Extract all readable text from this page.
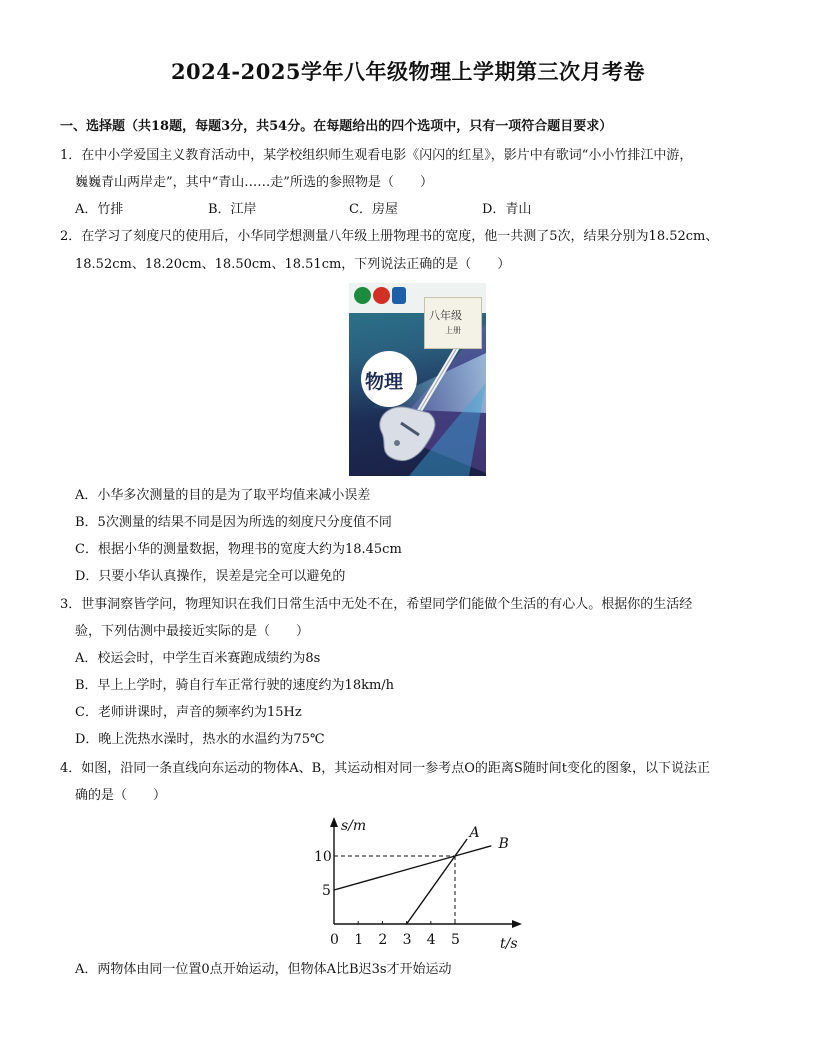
2024-2025学年八年级物理上学期第三次月考卷
一、选择题（共18题，每题3分，共54分。在每题给出的四个选项中，只有一项符合题目要求）
1．在中小学爱国主义教育活动中，某学校组织师生观看电影《闪闪的红星》，影片中有歌词“小小竹排江中游，
巍巍青山两岸走”，其中“青山……走”所选的参照物是（　　）
A．竹排	B．江岸	C．房屋	D．青山
2．在学习了刻度尺的使用后，小华同学想测量八年级上册物理书的宽度，他一共测了5次，结果分别为18.52cm、
18.52cm、18.20cm、18.50cm、18.51cm，下列说法正确的是（　　）
八年级
上册
物理
A．小华多次测量的目的是为了取平均值来减小误差
B．5次测量的结果不同是因为所选的刻度尺分度值不同
C．根据小华的测量数据，物理书的宽度大约为18.45cm
D．只要小华认真操作，误差是完全可以避免的
3．世事洞察皆学问，物理知识在我们日常生活中无处不在，希望同学们能做个生活的有心人。根据你的生活经
验，下列估测中最接近实际的是（　　）
A．校运会时，中学生百米赛跑成绩约为8s
B．早上上学时，骑自行车正常行驶的速度约为18km/h
C．老师讲课时，声音的频率约为15Hz
D．晚上洗热水澡时，热水的水温约为75℃
4．如图，沿同一条直线向东运动的物体A、B，其运动相对同一参考点O的距离S随时间t变化的图象，以下说法正
确的是（　　）
s/m
t/s
0 1 2 3 4 5
5
10
A
B
A．两物体由同一位置0点开始运动，但物体A比B迟3s才开始运动
